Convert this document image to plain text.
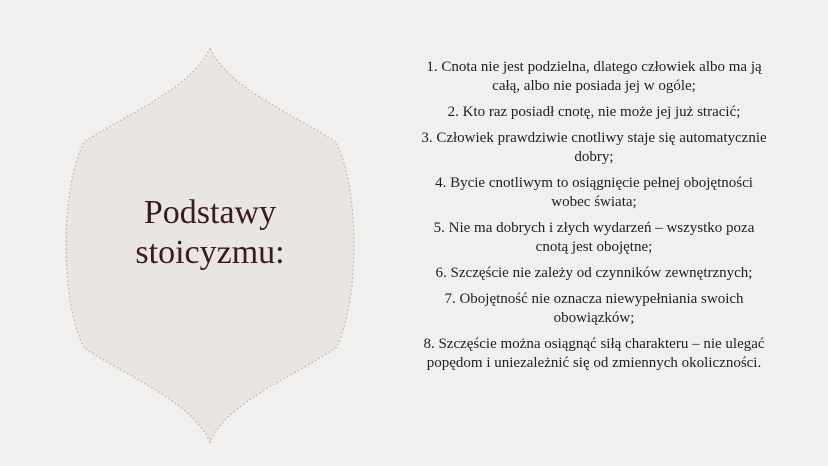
Podstawy
stoicyzmu:
1. Cnota nie jest podzielna, dlatego człowiek albo ma ją całą, albo nie posiada jej w ogóle;
2. Kto raz posiadł cnotę, nie może jej już stracić;
3. Człowiek prawdziwie cnotliwy staje się automatycznie dobry;
4. Bycie cnotliwym to osiągnięcie pełnej obojętności wobec świata;
5. Nie ma dobrych i złych wydarzeń – wszystko poza cnotą jest obojętne;
6. Szczęście nie zależy od czynników zewnętrznych;
7. Obojętność nie oznacza niewypełniania swoich obowiązków;
8. Szczęście można osiągnąć siłą charakteru – nie ulegać popędom i uniezależnić się od zmiennych okoliczności.
